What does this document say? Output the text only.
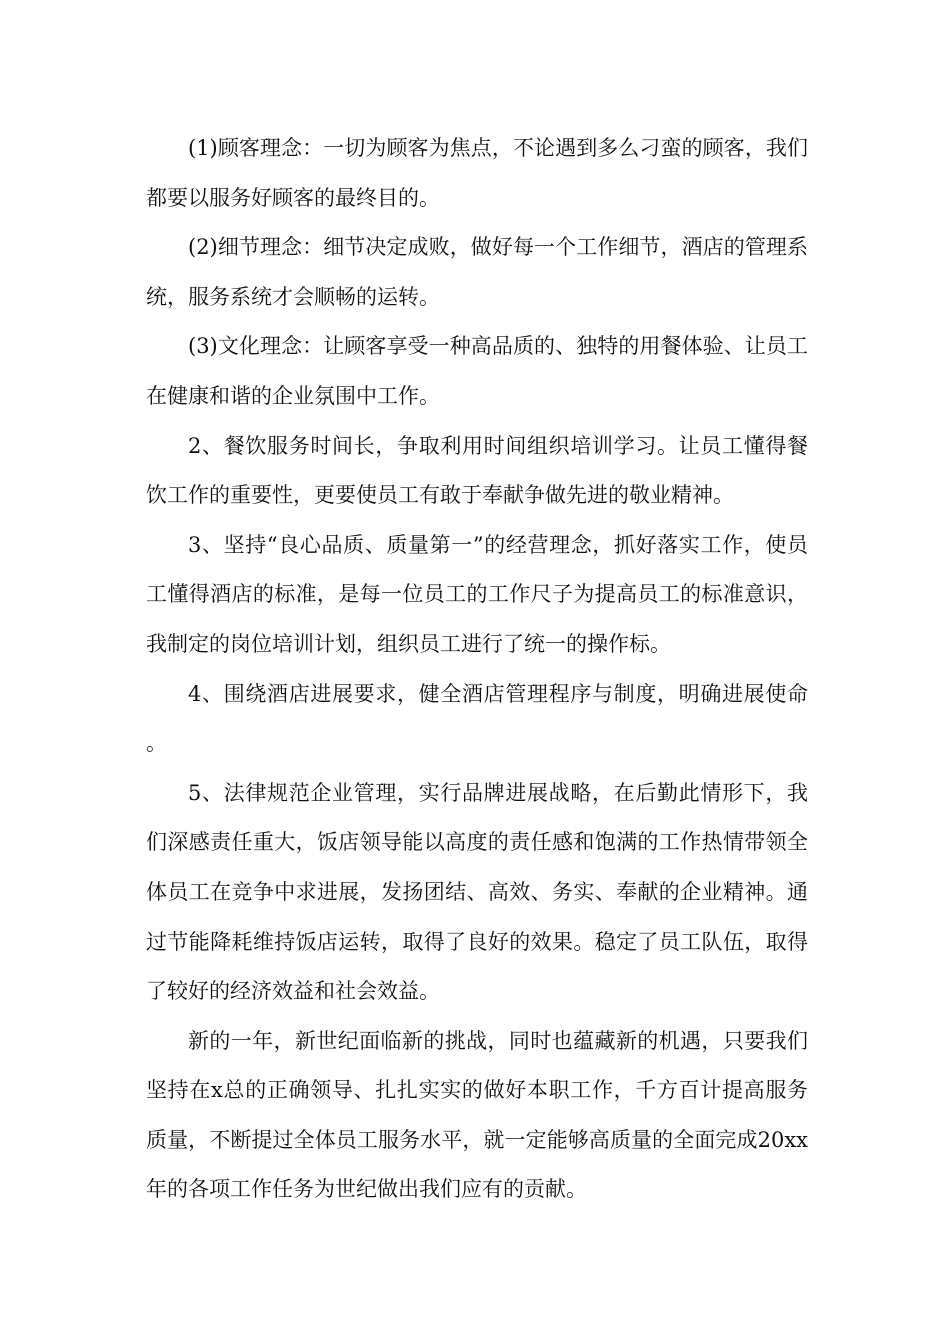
(1)顾客理念：一切为顾客为焦点，不论遇到多么刁蛮的顾客，我们都要以服务好顾客的最终目的。

(2)细节理念：细节决定成败，做好每一个工作细节，酒店的管理系统，服务系统才会顺畅的运转。

(3)文化理念：让顾客享受一种高品质的、独特的用餐体验、让员工在健康和谐的企业氛围中工作。

2、餐饮服务时间长，争取利用时间组织培训学习。让员工懂得餐饮工作的重要性，更要使员工有敢于奉献争做先进的敬业精神。

3、坚持“良心品质、质量第一”的经营理念，抓好落实工作，使员工懂得酒店的标准，是每一位员工的工作尺子为提高员工的标准意识，我制定的岗位培训计划，组织员工进行了统一的操作标。

4、围绕酒店进展要求，健全酒店管理程序与制度，明确进展使命。

5、法律规范企业管理，实行品牌进展战略，在后勤此情形下，我们深感责任重大，饭店领导能以高度的责任感和饱满的工作热情带领全体员工在竞争中求进展，发扬团结、高效、务实、奉献的企业精神。通过节能降耗维持饭店运转，取得了良好的效果。稳定了员工队伍，取得了较好的经济效益和社会效益。

新的一年，新世纪面临新的挑战，同时也蕴藏新的机遇，只要我们坚持在x总的正确领导、扎扎实实的做好本职工作，千方百计提高服务质量，不断提过全体员工服务水平，就一定能够高质量的全面完成20xx年的各项工作任务为世纪做出我们应有的贡献。
